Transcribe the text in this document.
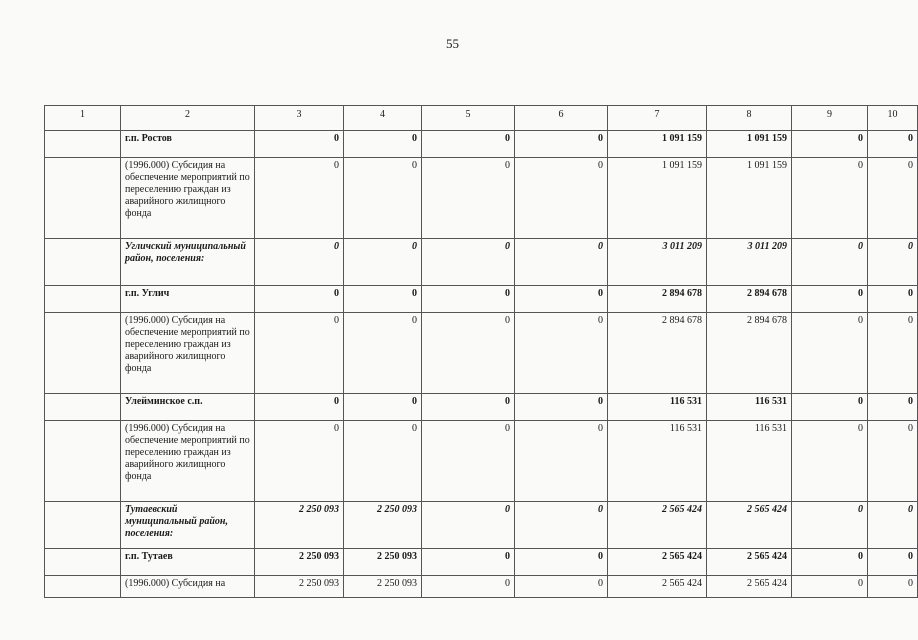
55
1	2	3	4	5	6	7	8	9	10
	г.п. Ростов	0	0	0	0	1 091 159	1 091 159	0	0
	(1996.000) Субсидия на обеспечение мероприятий по переселению граждан из аварийного жилищного фонда	0	0	0	0	1 091 159	1 091 159	0	0
	Угличский муниципальный район, поселения:	0	0	0	0	3 011 209	3 011 209	0	0
	г.п. Углич	0	0	0	0	2 894 678	2 894 678	0	0
	(1996.000) Субсидия на обеспечение мероприятий по переселению граждан из аварийного жилищного фонда	0	0	0	0	2 894 678	2 894 678	0	0
	Улейминское с.п.	0	0	0	0	116 531	116 531	0	0
	(1996.000) Субсидия на обеспечение мероприятий по переселению граждан из аварийного жилищного фонда	0	0	0	0	116 531	116 531	0	0
	Тутаевский муниципальный район, поселения:	2 250 093	2 250 093	0	0	2 565 424	2 565 424	0	0
	г.п. Тутаев	2 250 093	2 250 093	0	0	2 565 424	2 565 424	0	0
	(1996.000) Субсидия на	2 250 093	2 250 093	0	0	2 565 424	2 565 424	0	0
